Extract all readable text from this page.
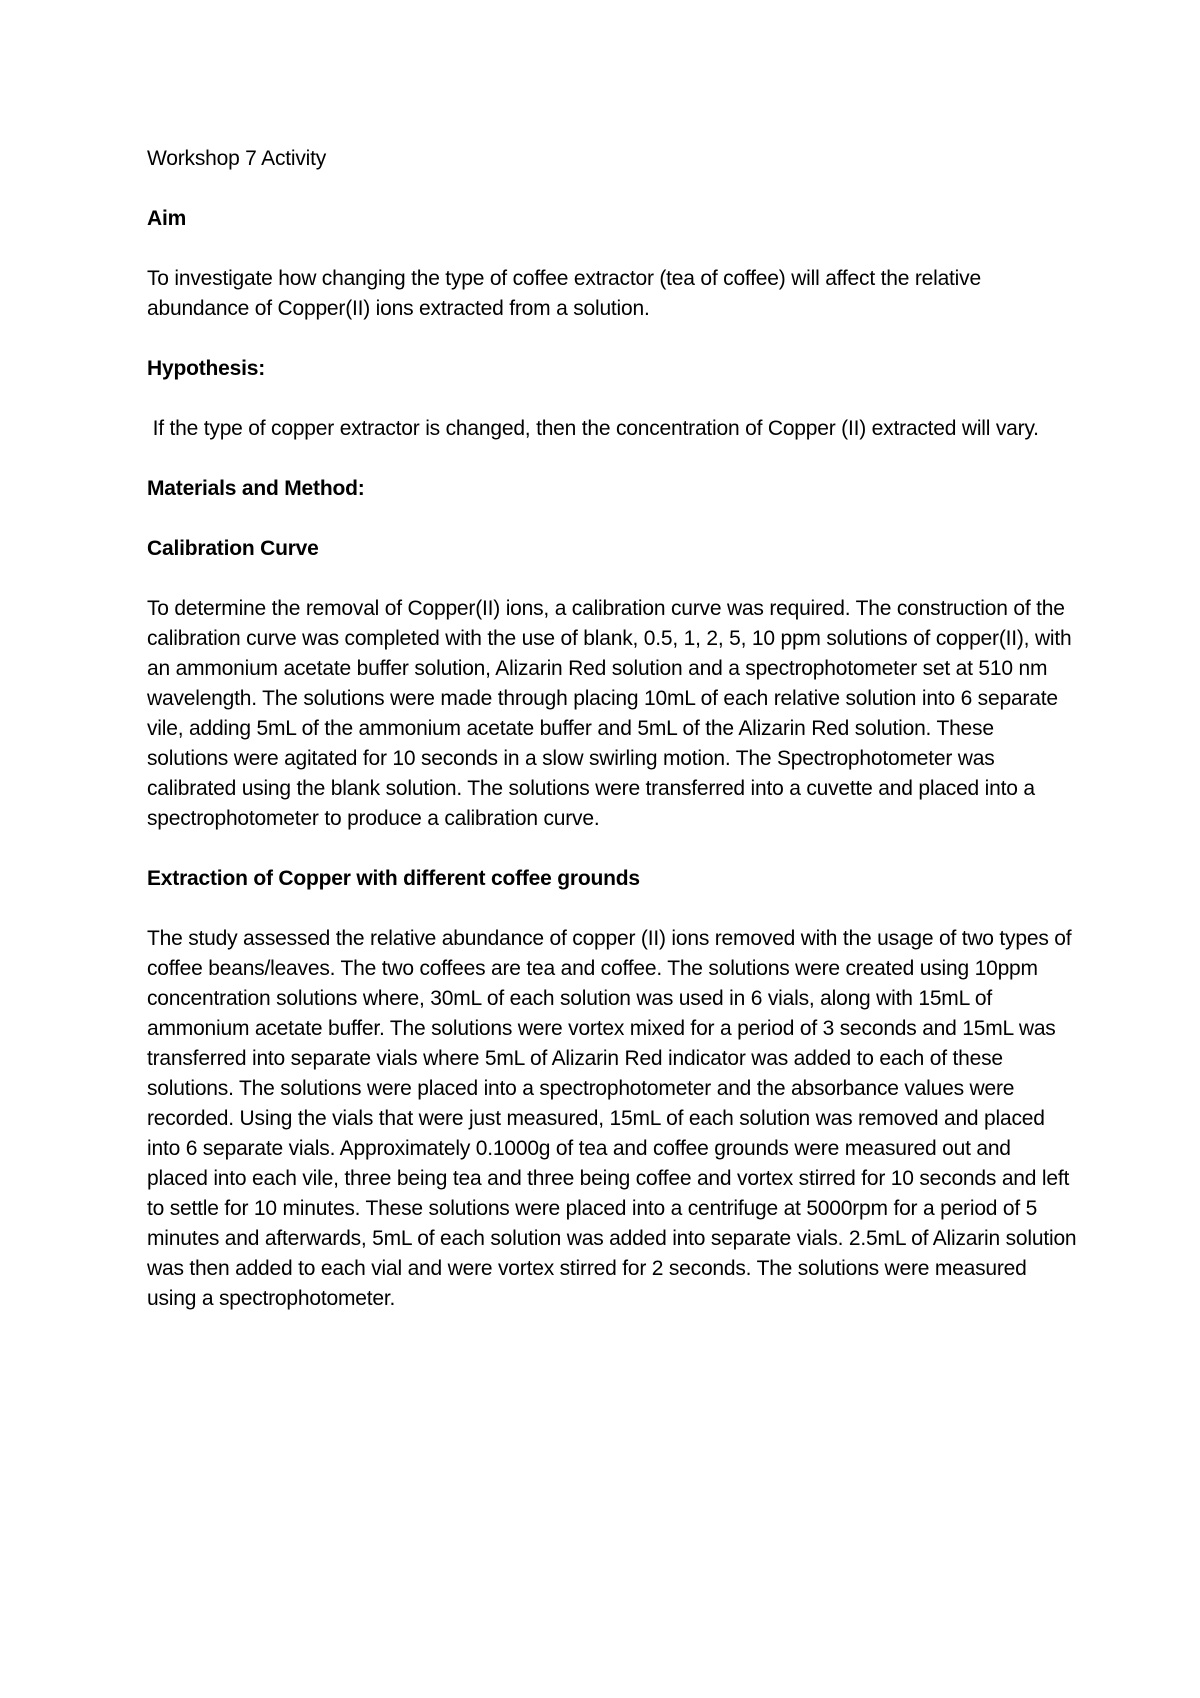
Workshop 7 Activity

Aim

To investigate how changing the type of coffee extractor (tea of coffee) will affect the relative abundance of Copper(II) ions extracted from a solution.

Hypothesis:

If the type of copper extractor is changed, then the concentration of Copper (II) extracted will vary.

Materials and Method:

Calibration Curve

To determine the removal of Copper(II) ions, a calibration curve was required. The construction of the calibration curve was completed with the use of blank, 0.5, 1, 2, 5, 10 ppm solutions of copper(II), with an ammonium acetate buffer solution, Alizarin Red solution and a spectrophotometer set at 510 nm wavelength. The solutions were made through placing 10mL of each relative solution into 6 separate vile, adding 5mL of the ammonium acetate buffer and 5mL of the Alizarin Red solution. These solutions were agitated for 10 seconds in a slow swirling motion. The Spectrophotometer was calibrated using the blank solution. The solutions were transferred into a cuvette and placed into a spectrophotometer to produce a calibration curve.

Extraction of Copper with different coffee grounds

The study assessed the relative abundance of copper (II) ions removed with the usage of two types of coffee beans/leaves. The two coffees are tea and coffee. The solutions were created using 10ppm concentration solutions where, 30mL of each solution was used in 6 vials, along with 15mL of ammonium acetate buffer. The solutions were vortex mixed for a period of 3 seconds and 15mL was transferred into separate vials where 5mL of Alizarin Red indicator was added to each of these solutions. The solutions were placed into a spectrophotometer and the absorbance values were recorded. Using the vials that were just measured, 15mL of each solution was removed and placed into 6 separate vials. Approximately 0.1000g of tea and coffee grounds were measured out and placed into each vile, three being tea and three being coffee and vortex stirred for 10 seconds and left to settle for 10 minutes. These solutions were placed into a centrifuge at 5000rpm for a period of 5 minutes and afterwards, 5mL of each solution was added into separate vials. 2.5mL of Alizarin solution was then added to each vial and were vortex stirred for 2 seconds. The solutions were measured using a spectrophotometer.
